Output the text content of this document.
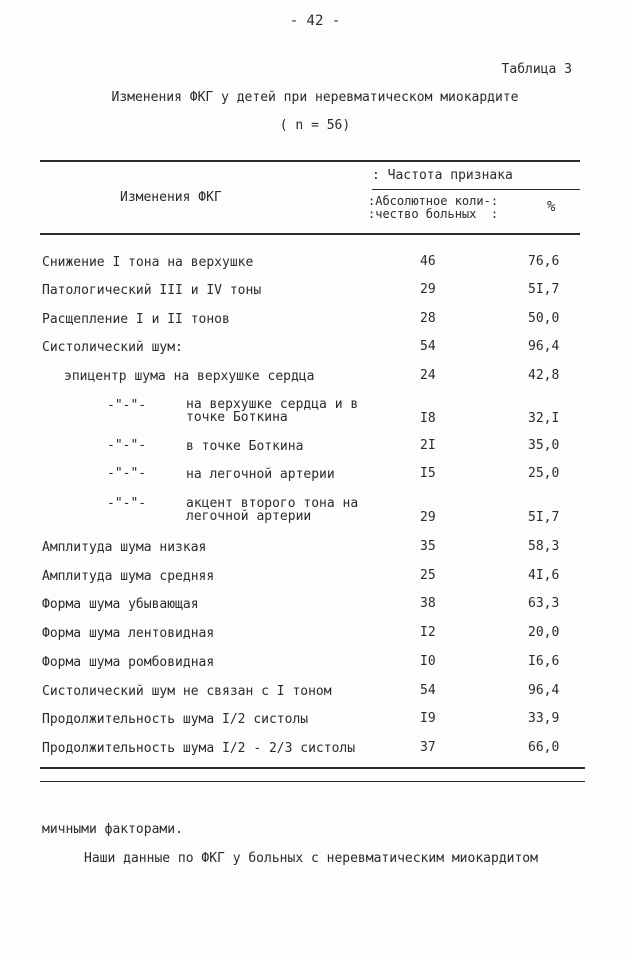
- 42 -
Таблица 3
Изменения ФКГ у детей при неревматическом миокардите
( n = 56)
: Частота признака
Изменения ФКГ	:Абсолютное коли-:
:чество больных  :	%
Снижение I тона на верхушке	46	76,6
Патологический III и IV тоны	29	5I,7
Расщепление I и II тонов	28	50,0
Систолический шум:	54	96,4
эпицентр шума на верхушке сердца	24	42,8
-"-"-	на верхушке сердца и в
точке Боткина	I8	32,I
-"-"-	в точке Боткина	2I	35,0
-"-"-	на легочной артерии	I5	25,0
-"-"-	акцент второго тона на
легочной артерии	29	5I,7
Амплитуда шума низкая	35	58,3
Амплитуда шума средняя	25	4I,6
Форма шума убывающая	38	63,3
Форма шума лентовидная	I2	20,0
Форма шума ромбовидная	I0	I6,6
Систолический шум не связан с I тоном	54	96,4
Продолжительность шума I/2 систолы	I9	33,9
Продолжительность шума I/2 - 2/3 систолы	37	66,0
мичными факторами.
Наши данные по ФКГ у больных с неревматическим миокардитом
